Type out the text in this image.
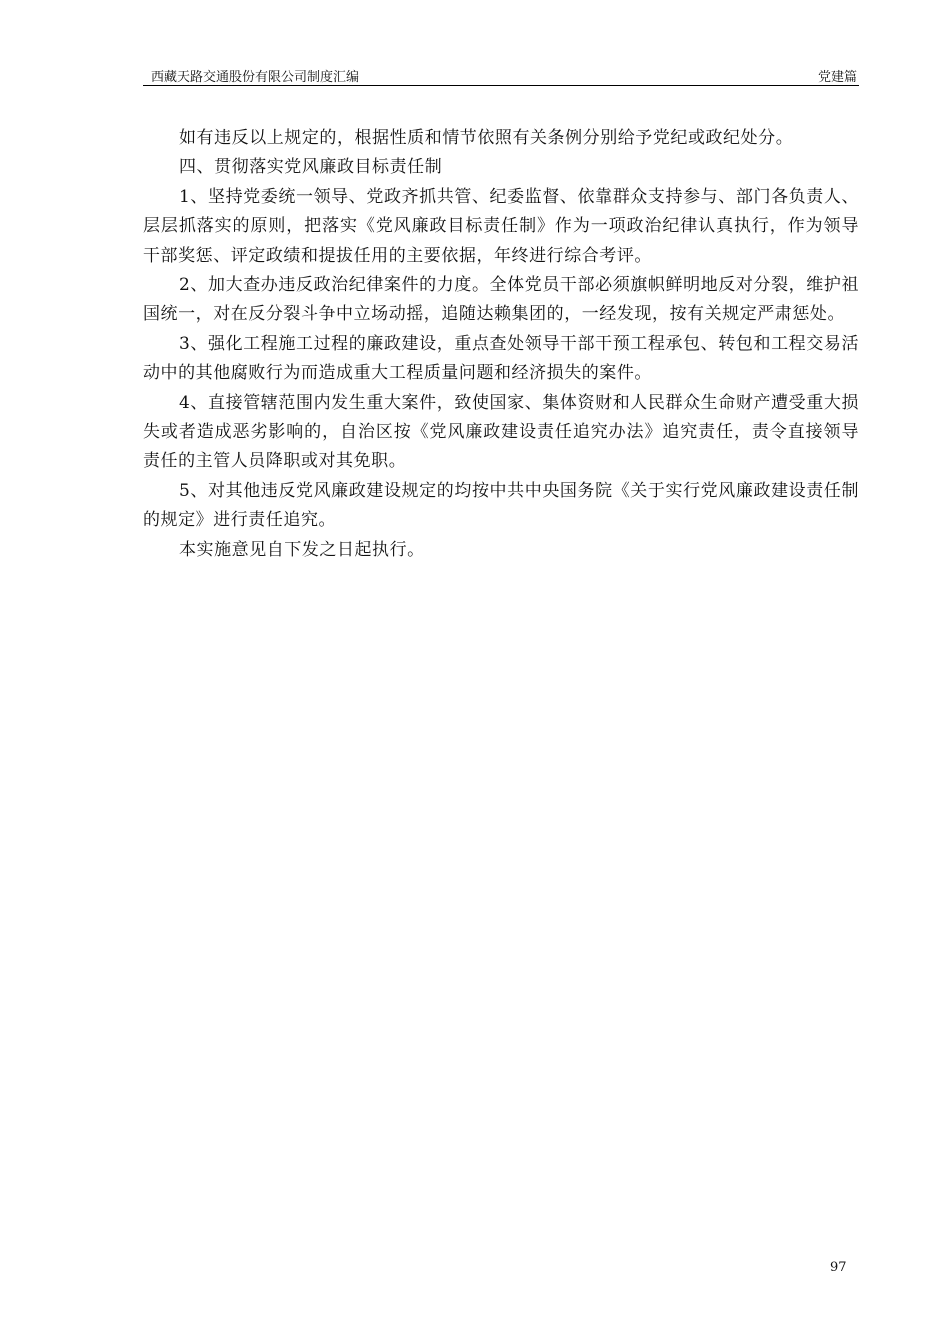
西藏天路交通股份有限公司制度汇编	党建篇

如有违反以上规定的，根据性质和情节依照有关条例分别给予党纪或政纪处分。

四、贯彻落实党风廉政目标责任制

1、坚持党委统一领导、党政齐抓共管、纪委监督、依靠群众支持参与、部门各负责人、层层抓落实的原则，把落实《党风廉政目标责任制》作为一项政治纪律认真执行，作为领导干部奖惩、评定政绩和提拔任用的主要依据，年终进行综合考评。

2、加大查办违反政治纪律案件的力度。全体党员干部必须旗帜鲜明地反对分裂，维护祖国统一，对在反分裂斗争中立场动摇，追随达赖集团的，一经发现，按有关规定严肃惩处。

3、强化工程施工过程的廉政建设，重点查处领导干部干预工程承包、转包和工程交易活动中的其他腐败行为而造成重大工程质量问题和经济损失的案件。

4、直接管辖范围内发生重大案件，致使国家、集体资财和人民群众生命财产遭受重大损失或者造成恶劣影响的，自治区按《党风廉政建设责任追究办法》追究责任，责令直接领导责任的主管人员降职或对其免职。

5、对其他违反党风廉政建设规定的均按中共中央国务院《关于实行党风廉政建设责任制的规定》进行责任追究。

本实施意见自下发之日起执行。

97
